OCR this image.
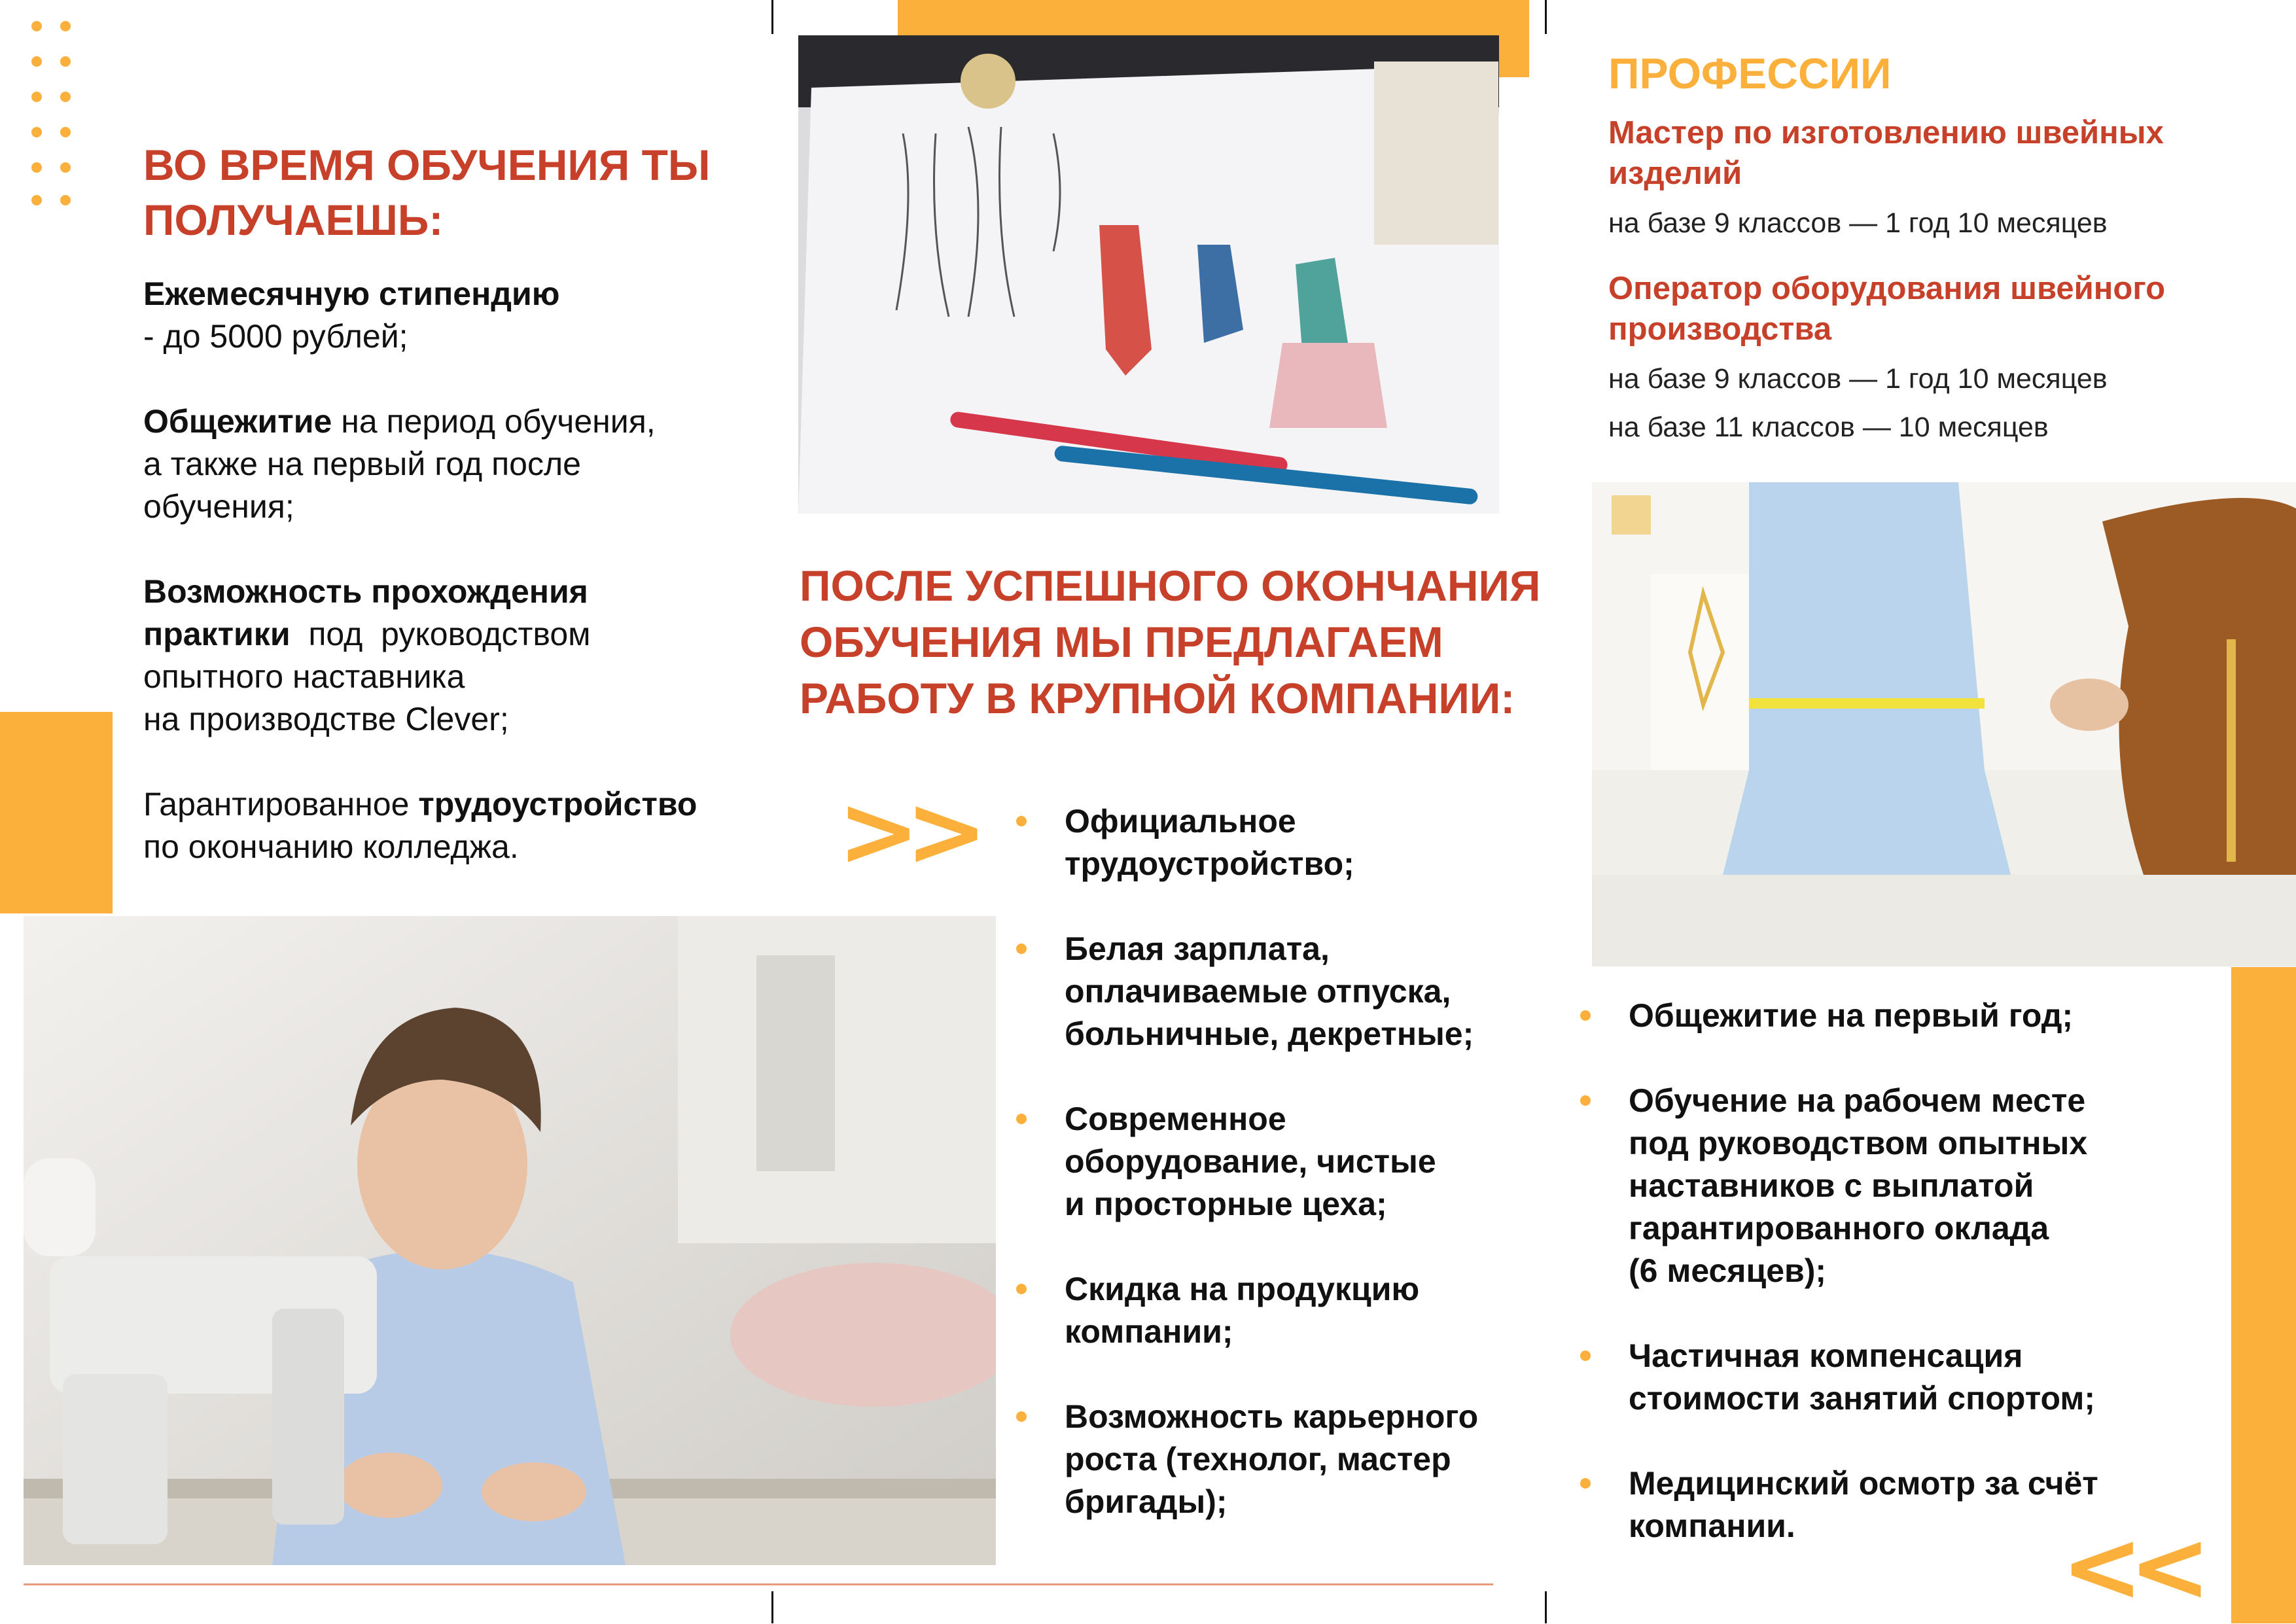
ВО ВРЕМЯ ОБУЧЕНИЯ ТЫ
ПОЛУЧАЕШЬ:
Ежемесячную стипендию
- до 5000 рублей;
Общежитие на период обучения,
а также на первый год после
обучения;
Возможность прохождения
практики  под  руководством
опытного наставника
на производстве Clever;
Гарантированное трудоустройство
по окончанию колледжа.
ПОСЛЕ УСПЕШНОГО ОКОНЧАНИЯ
ОБУЧЕНИЯ МЫ ПРЕДЛАГАЕМ
РАБОТУ В КРУПНОЙ КОМПАНИИ:
>>	Официальное
трудоустройство;
Белая зарплата,
оплачиваемые отпуска,
больничные, декретные;
Современное
оборудование, чистые
и просторные цеха;
Скидка на продукцию
компании;
Возможность карьерного
роста (технолог, мастер
бригады);
ПРОФЕССИИ
Мастер по изготовлению швейных
изделий
на базе 9 классов — 1 год 10 месяцев
Оператор оборудования швейного
производства
на базе 9 классов — 1 год 10 месяцев
на базе 11 классов — 10 месяцев
Общежитие на первый год;
Обучение на рабочем месте
под руководством опытных
наставников с выплатой
гарантированного оклада
(6 месяцев);
Частичная компенсация
стоимости занятий спортом;
Медицинский осмотр за счёт
компании.	<<
